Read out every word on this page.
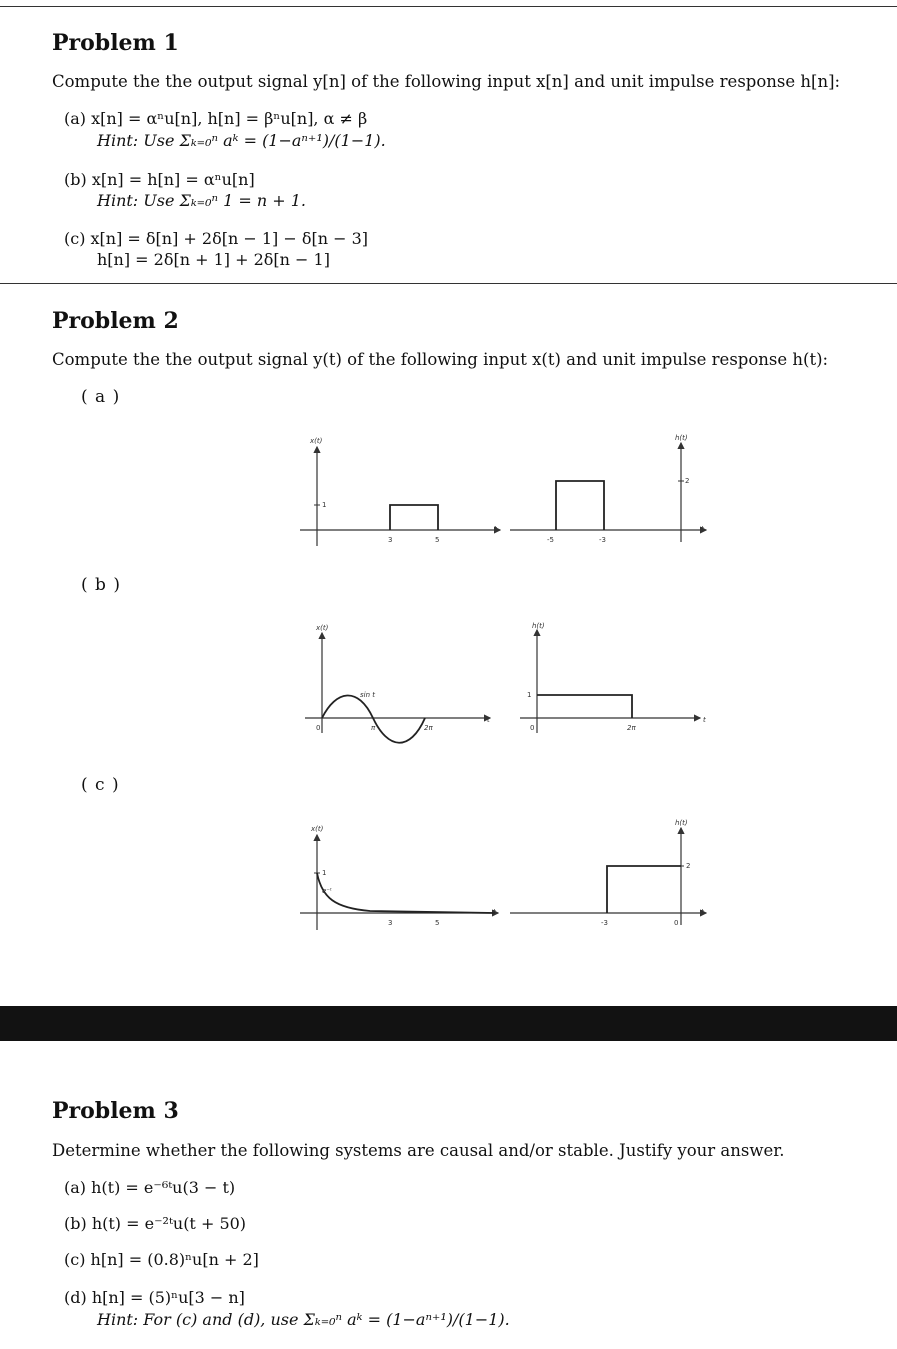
Problem 1
Compute the the output signal y[n] of the following input x[n] and unit impulse response h[n]:
(a) x[n] = αⁿu[n], h[n] = βⁿu[n], α ≠ β
Hint: Use Σₖ₌₀ⁿ aᵏ = (1−aⁿ⁺¹)/(1−1).
(b) x[n] = h[n] = αⁿu[n]
Hint: Use Σₖ₌₀ⁿ 1 = n + 1.
(c) x[n] = δ[n] + 2δ[n − 1] − δ[n − 3]
h[n] = 2δ[n + 1] + 2δ[n − 1]
Problem 2
Compute the the output signal y(t) of the following input x(t) and unit impulse response h(t):
( a )
x(t)
1
3	5
t
h(t)
2
-5	-3
t
( b )
x(t)
sin t
0	π	2π
t
h(t)
1
0	2π
t
( c )
x(t)
1
e⁻ᵗ
3	5
t
h(t)
2
-3	0
t
Problem 3
Determine whether the following systems are causal and/or stable. Justify your answer.
(a) h(t) = e⁻⁶ᵗu(3 − t)
(b) h(t) = e⁻²ᵗu(t + 50)
(c) h[n] = (0.8)ⁿu[n + 2]
(d) h[n] = (5)ⁿu[3 − n]
Hint: For (c) and (d), use Σₖ₌₀ⁿ aᵏ = (1−aⁿ⁺¹)/(1−1).
